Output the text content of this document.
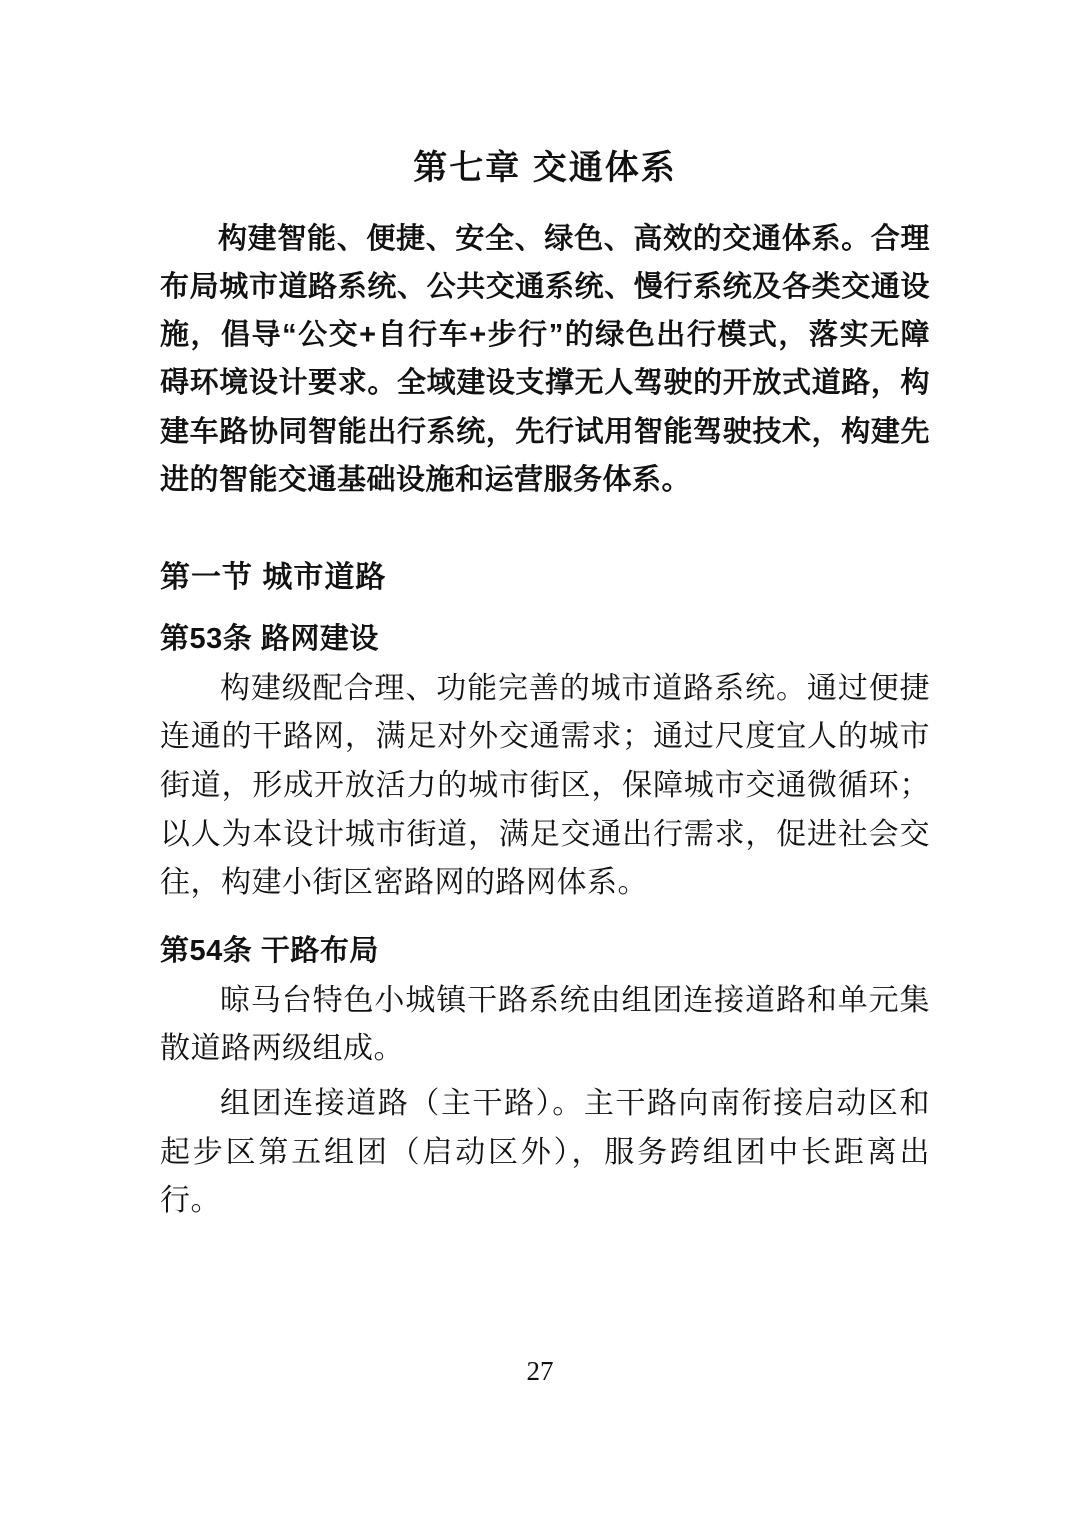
第七章 交通体系

构建智能、便捷、安全、绿色、高效的交通体系。合理布局城市道路系统、公共交通系统、慢行系统及各类交通设施，倡导“公交+自行车+步行”的绿色出行模式，落实无障碍环境设计要求。全域建设支撑无人驾驶的开放式道路，构建车路协同智能出行系统，先行试用智能驾驶技术，构建先进的智能交通基础设施和运营服务体系。

第一节 城市道路
第53条 路网建设

构建级配合理、功能完善的城市道路系统。通过便捷连通的干路网，满足对外交通需求；通过尺度宜人的城市街道，形成开放活力的城市街区，保障城市交通微循环；以人为本设计城市街道，满足交通出行需求，促进社会交往，构建小街区密路网的路网体系。

第54条 干路布局

晾马台特色小城镇干路系统由组团连接道路和单元集散道路两级组成。

组团连接道路（主干路）。主干路向南衔接启动区和起步区第五组团（启动区外），服务跨组团中长距离出行。

27
